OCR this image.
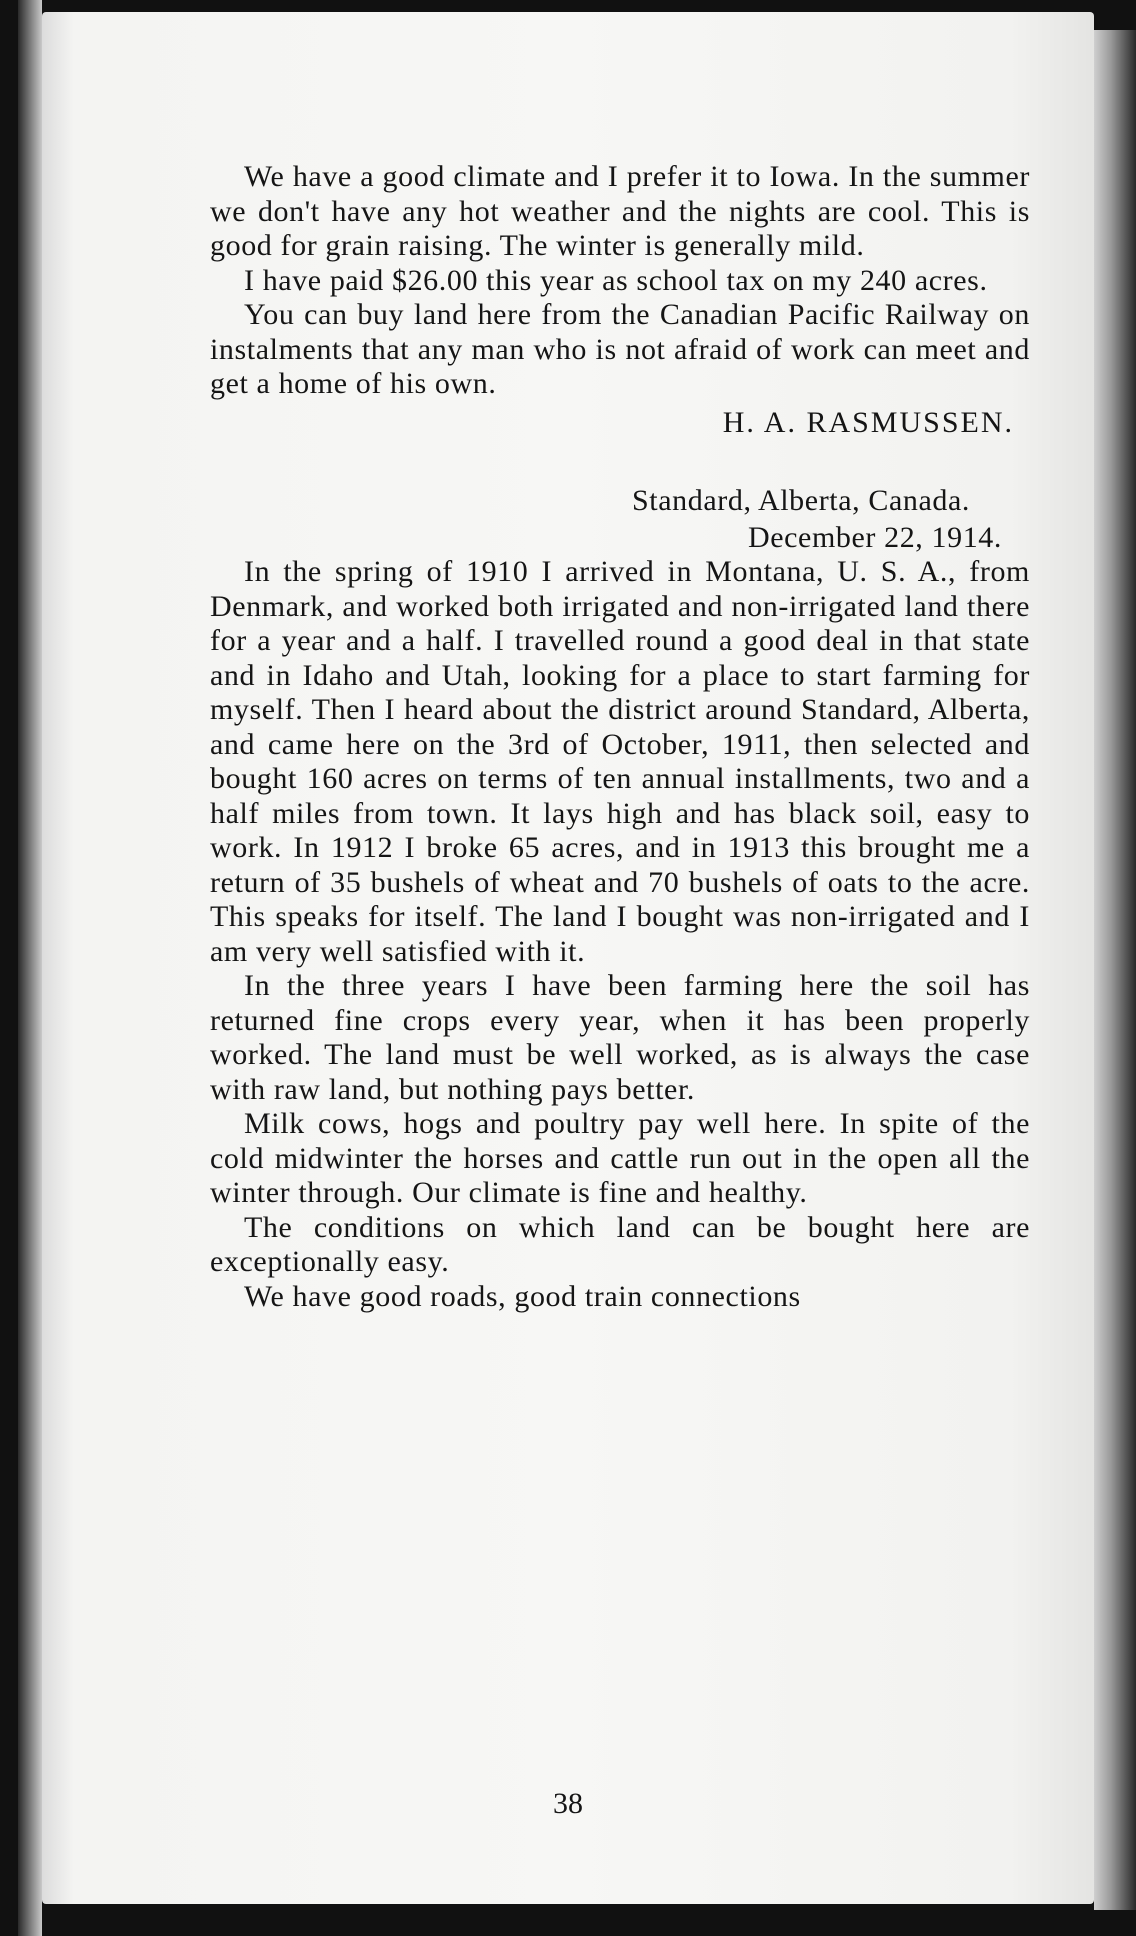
We have a good climate and I prefer it to Iowa. In the summer we don't have any hot weather and the nights are cool. This is good for grain raising. The winter is generally mild.

I have paid $26.00 this year as school tax on my 240 acres.

You can buy land here from the Canadian Pacific Railway on instalments that any man who is not afraid of work can meet and get a home of his own.

H. A. RASMUSSEN.

Standard, Alberta, Canada.

December 22, 1914.

In the spring of 1910 I arrived in Montana, U. S. A., from Denmark, and worked both irrigated and non-irrigated land there for a year and a half. I travelled round a good deal in that state and in Idaho and Utah, looking for a place to start farming for myself. Then I heard about the district around Standard, Alberta, and came here on the 3rd of October, 1911, then selected and bought 160 acres on terms of ten annual installments, two and a half miles from town. It lays high and has black soil, easy to work. In 1912 I broke 65 acres, and in 1913 this brought me a return of 35 bushels of wheat and 70 bushels of oats to the acre. This speaks for itself. The land I bought was non-irrigated and I am very well satisfied with it.

In the three years I have been farming here the soil has returned fine crops every year, when it has been properly worked. The land must be well worked, as is always the case with raw land, but nothing pays better.

Milk cows, hogs and poultry pay well here. In spite of the cold midwinter the horses and cattle run out in the open all the winter through. Our climate is fine and healthy.

The conditions on which land can be bought here are exceptionally easy.

We have good roads, good train connections

38
